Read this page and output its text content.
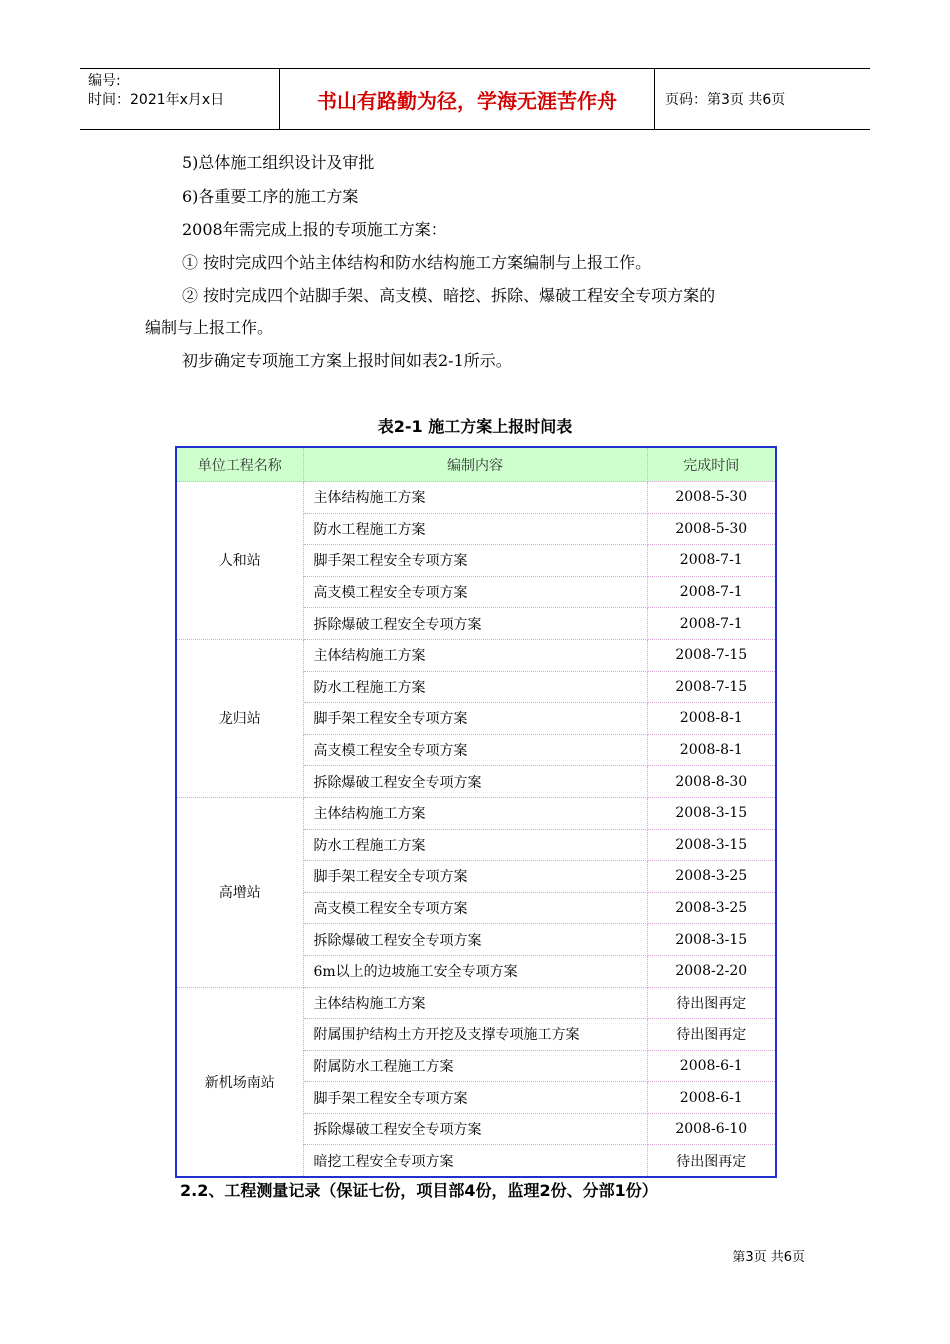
编号:
时间：2021年x月x日	书山有路勤为径，学海无涯苦作舟	页码：第3页 共6页
5)总体施工组织设计及审批
6)各重要工序的施工方案
2008年需完成上报的专项施工方案：
① 按时完成四个站主体结构和防水结构施工方案编制与上报工作。
② 按时完成四个站脚手架、高支模、暗挖、拆除、爆破工程安全专项方案的
编制与上报工作。
初步确定专项施工方案上报时间如表2-1所示。
表2-1 施工方案上报时间表
单位工程名称	编制内容	完成时间
人和站	主体结构施工方案	2008-5-30
	防水工程施工方案	2008-5-30
	脚手架工程安全专项方案	2008-7-1
	高支模工程安全专项方案	2008-7-1
	拆除爆破工程安全专项方案	2008-7-1
龙归站	主体结构施工方案	2008-7-15
	防水工程施工方案	2008-7-15
	脚手架工程安全专项方案	2008-8-1
	高支模工程安全专项方案	2008-8-1
	拆除爆破工程安全专项方案	2008-8-30
高增站	主体结构施工方案	2008-3-15
	防水工程施工方案	2008-3-15
	脚手架工程安全专项方案	2008-3-25
	高支模工程安全专项方案	2008-3-25
	拆除爆破工程安全专项方案	2008-3-15
	6m以上的边坡施工安全专项方案	2008-2-20
新机场南站	主体结构施工方案	待出图再定
	附属围护结构土方开挖及支撑专项施工方案	待出图再定
	附属防水工程施工方案	2008-6-1
	脚手架工程安全专项方案	2008-6-1
	拆除爆破工程安全专项方案	2008-6-10
	暗挖工程安全专项方案	待出图再定
2.2、工程测量记录（保证七份，项目部4份，监理2份、分部1份）
第3页 共6页
